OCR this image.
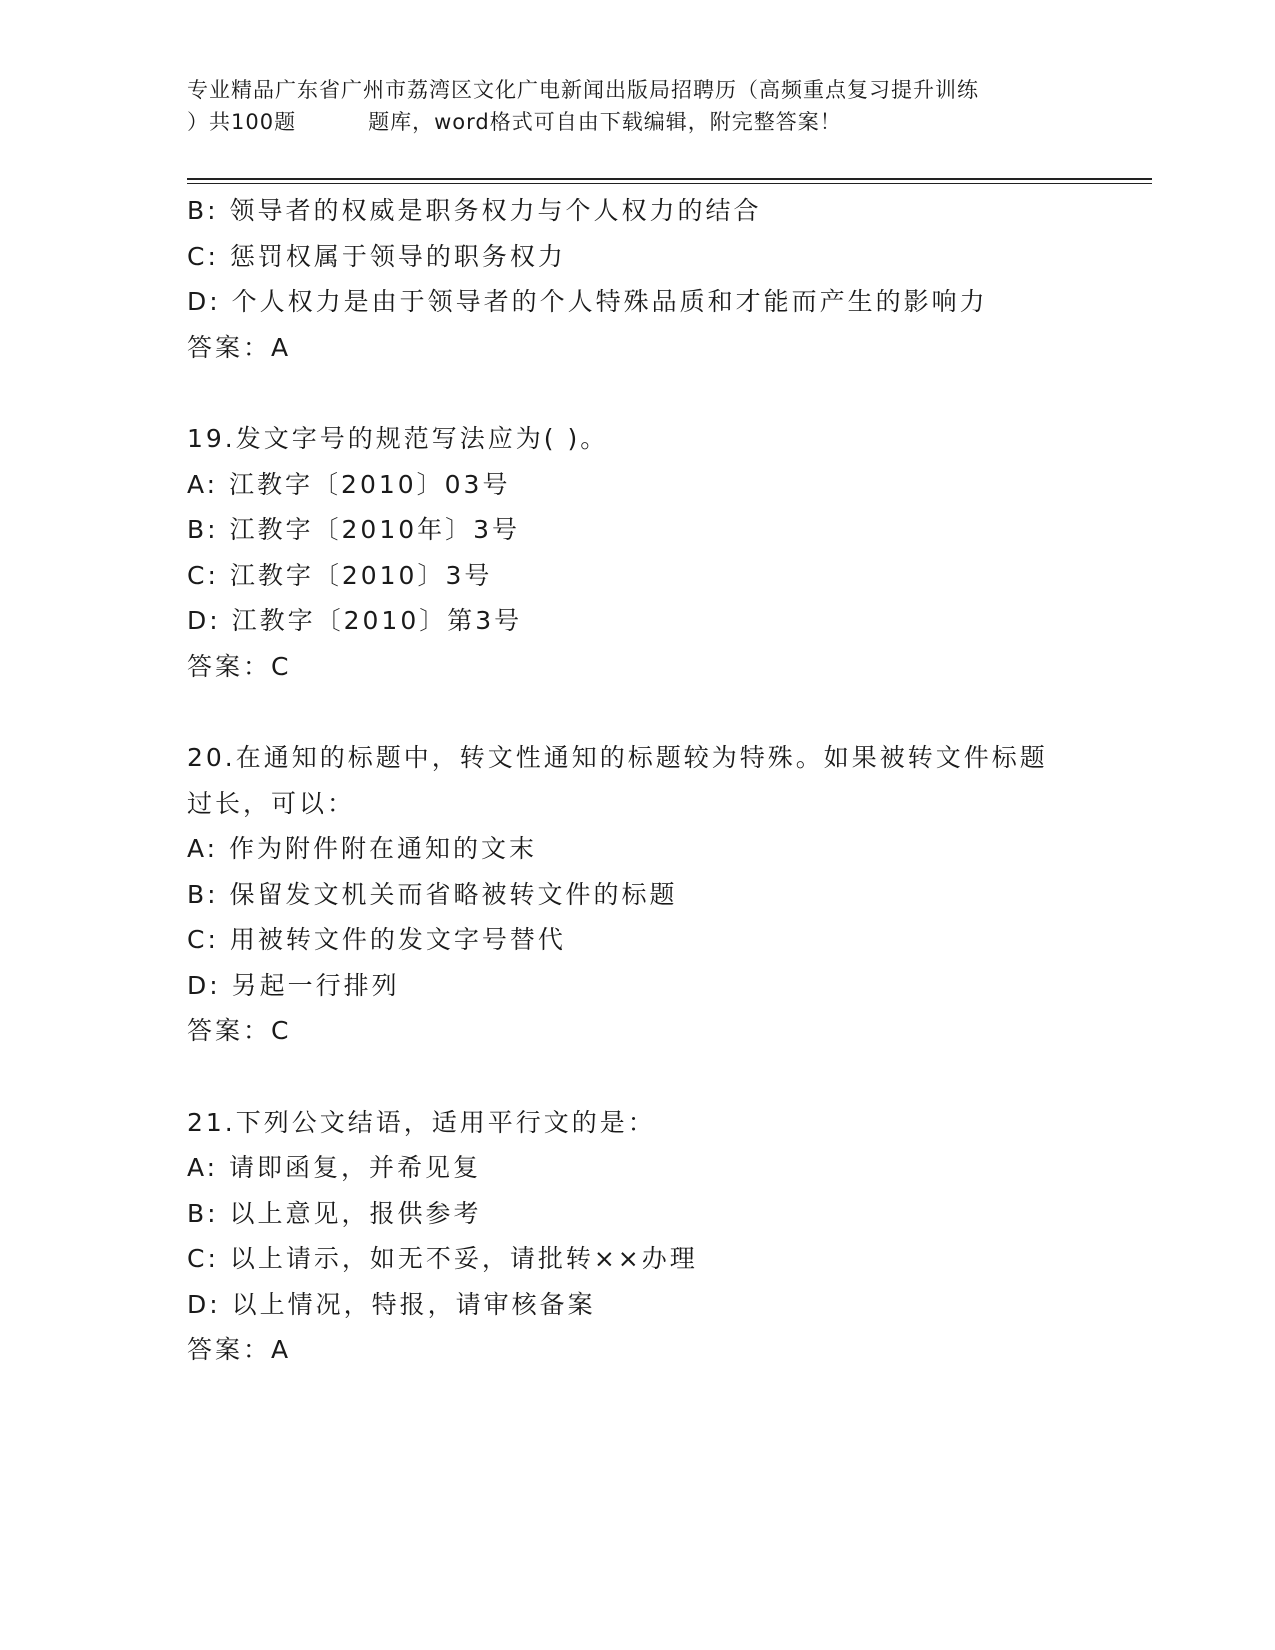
专业精品广东省广州市荔湾区文化广电新闻出版局招聘历（高频重点复习提升训练
）共100题	题库，word格式可自由下载编辑，附完整答案！
B: 领导者的权威是职务权力与个人权力的结合
C: 惩罚权属于领导的职务权力
D: 个人权力是由于领导者的个人特殊品质和才能而产生的影响力
答案：A
19.发文字号的规范写法应为( )。
A: 江教字〔2010〕03号
B: 江教字〔2010年〕3号
C: 江教字〔2010〕3号
D: 江教字〔2010〕第3号
答案：C
20.在通知的标题中，转文性通知的标题较为特殊。如果被转文件标题
过长，可以：
A: 作为附件附在通知的文末
B: 保留发文机关而省略被转文件的标题
C: 用被转文件的发文字号替代
D: 另起一行排列
答案：C
21.下列公文结语，适用平行文的是：
A: 请即函复，并希见复
B: 以上意见，报供参考
C: 以上请示，如无不妥，请批转××办理
D: 以上情况，特报，请审核备案
答案：A
